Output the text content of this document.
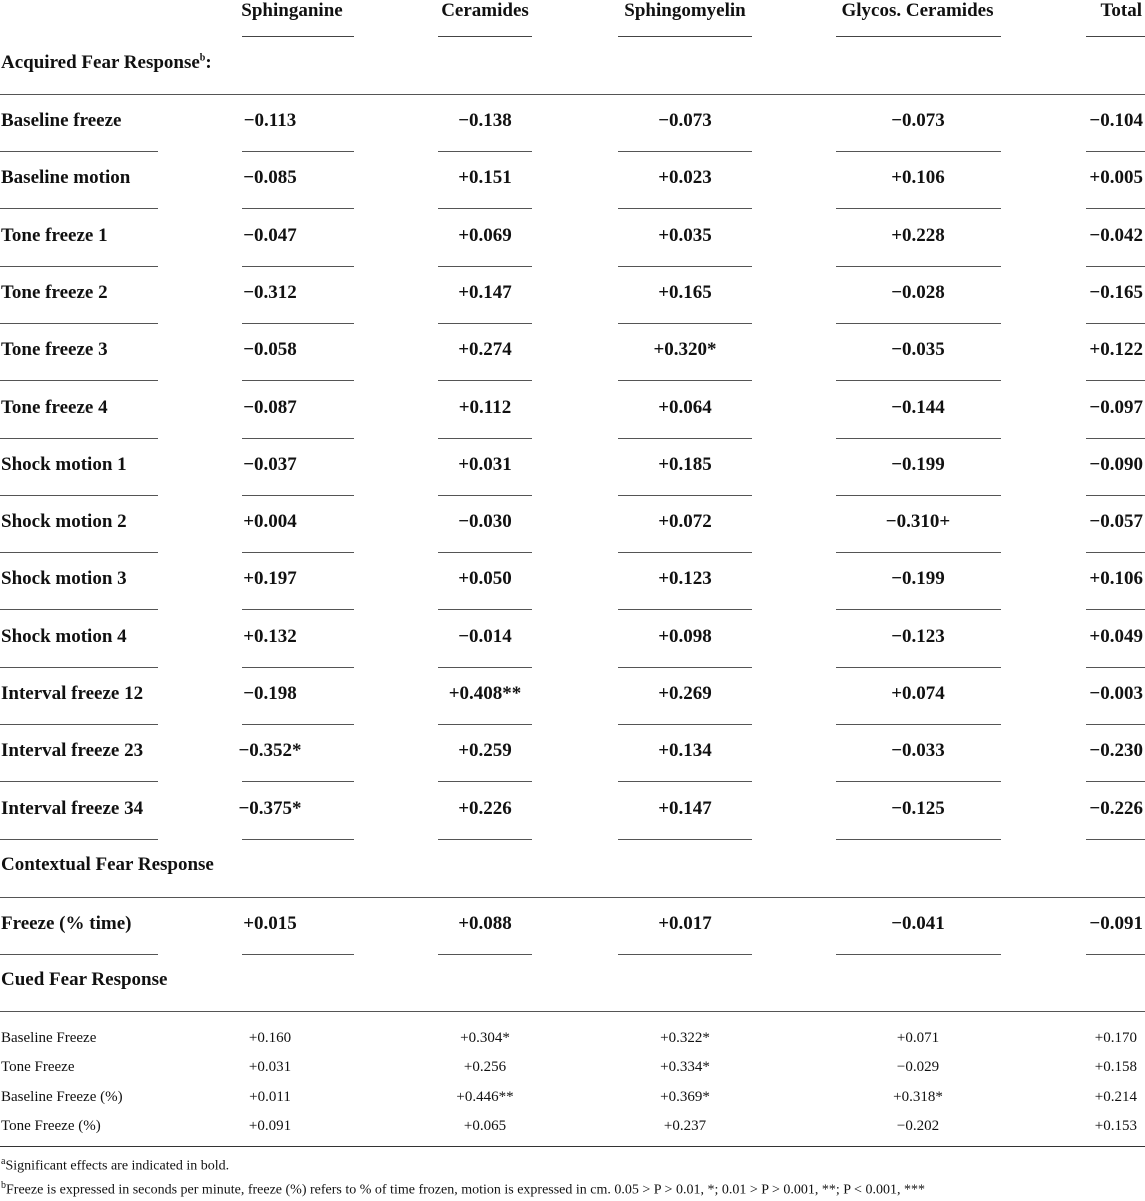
Sphinganine	Ceramides	Sphingomyelin	Glycos. Ceramides	Total
Acquired Fear Response$^b$:
Baseline freeze	−0.113	−0.138	−0.073	−0.073	−0.104
Baseline motion	−0.085	+0.151	+0.023	+0.106	+0.005
Tone freeze 1	−0.047	+0.069	+0.035	+0.228	−0.042
Tone freeze 2	−0.312	+0.147	+0.165	−0.028	−0.165
Tone freeze 3	−0.058	+0.274	+0.320*	−0.035	+0.122
Tone freeze 4	−0.087	+0.112	+0.064	−0.144	−0.097
Shock motion 1	−0.037	+0.031	+0.185	−0.199	−0.090
Shock motion 2	+0.004	−0.030	+0.072	−0.310+	−0.057
Shock motion 3	+0.197	+0.050	+0.123	−0.199	+0.106
Shock motion 4	+0.132	−0.014	+0.098	−0.123	+0.049
Interval freeze 12	−0.198	+0.408**	+0.269	+0.074	−0.003
Interval freeze 23	−0.352*	+0.259	+0.134	−0.033	−0.230
Interval freeze 34	−0.375*	+0.226	+0.147	−0.125	−0.226
Contextual Fear Response
Freeze (% time)	+0.015	+0.088	+0.017	−0.041	−0.091
Cued Fear Response
Baseline Freeze	+0.160	+0.304*	+0.322*	+0.071	+0.170
Tone Freeze	+0.031	+0.256	+0.334*	−0.029	+0.158
Baseline Freeze (%)	+0.011	+0.446**	+0.369*	+0.318*	+0.214
Tone Freeze (%)	+0.091	+0.065	+0.237	−0.202	+0.153
$^a$Significant effects are indicated in bold.
$^b$Freeze is expressed in seconds per minute, freeze (%) refers to % of time frozen, motion is expressed in cm. 0.05 > P > 0.01, *; 0.01 > P > 0.001, **; P < 0.001, ***
